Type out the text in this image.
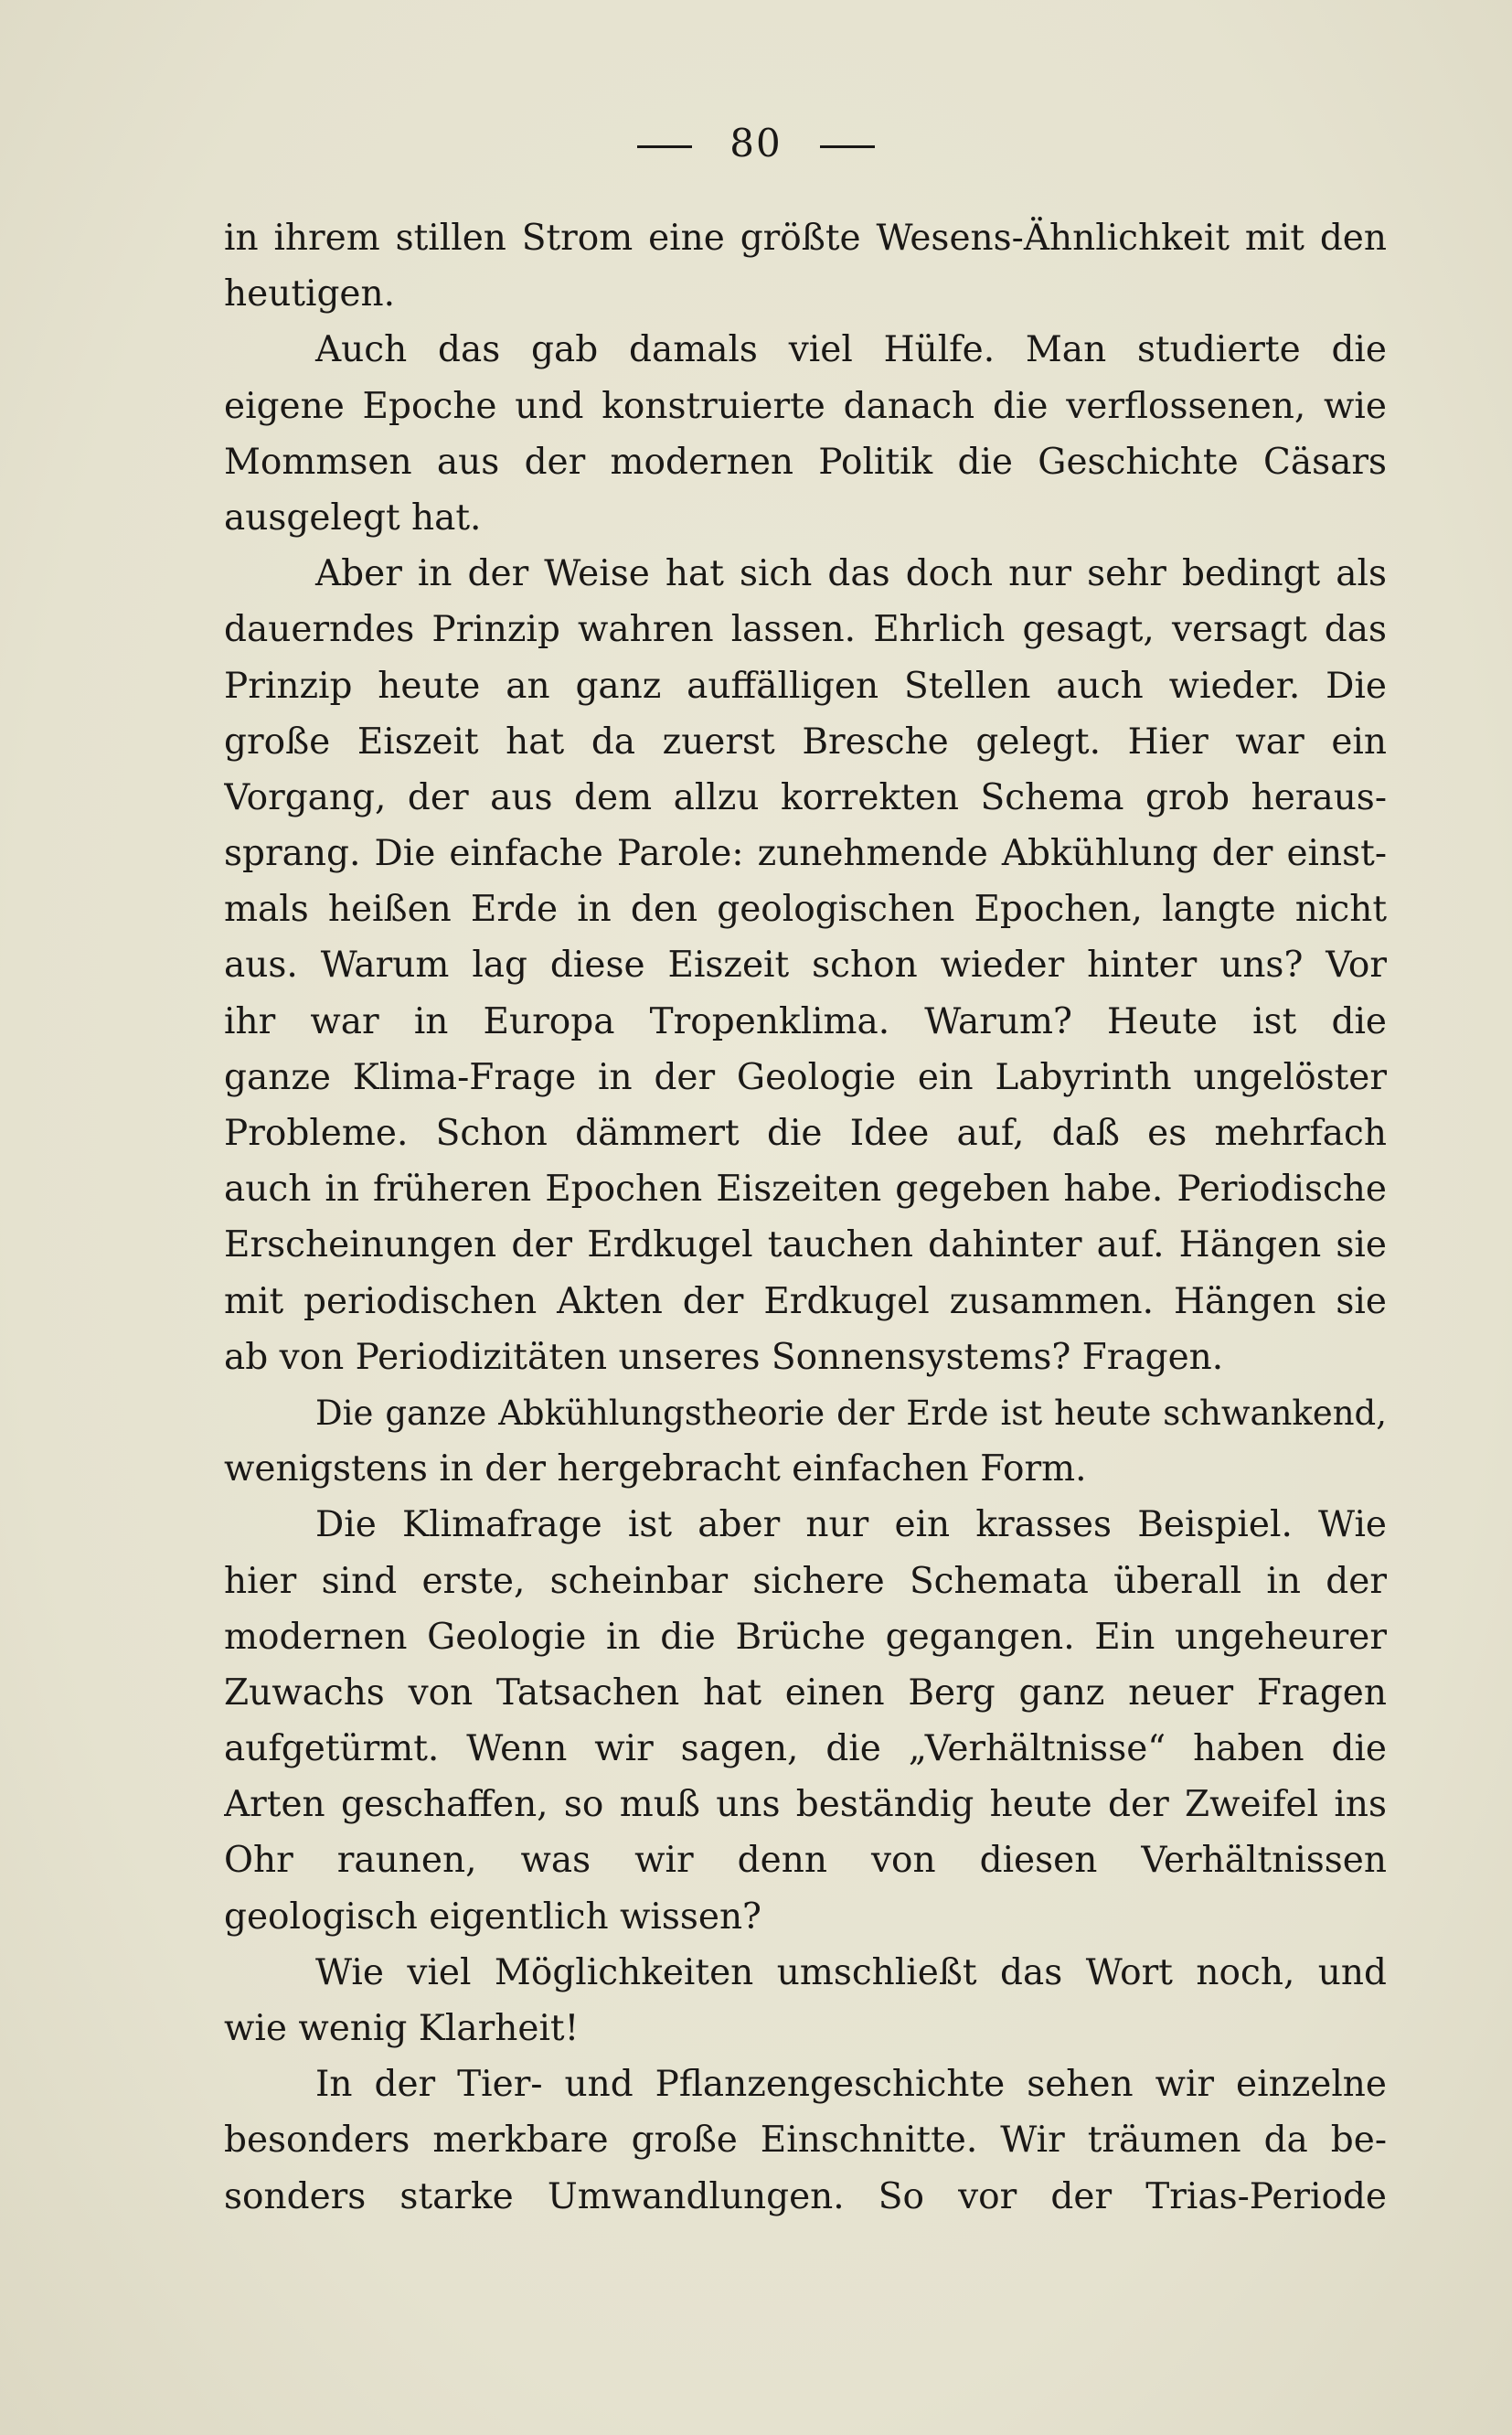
80
in ihrem stillen Strom eine größte Wesens-Ähnlichkeit mit den
heutigen.
Auch das gab damals viel Hülfe. Man studierte die
eigene Epoche und konstruierte danach die verflossenen, wie
Mommsen aus der modernen Politik die Geschichte Cäsars
ausgelegt hat.
Aber in der Weise hat sich das doch nur sehr bedingt als
dauerndes Prinzip wahren lassen. Ehrlich gesagt, versagt das
Prinzip heute an ganz auffälligen Stellen auch wieder. Die
große Eiszeit hat da zuerst Bresche gelegt. Hier war ein
Vorgang, der aus dem allzu korrekten Schema grob heraus-
sprang. Die einfache Parole: zunehmende Abkühlung der einst-
mals heißen Erde in den geologischen Epochen, langte nicht
aus. Warum lag diese Eiszeit schon wieder hinter uns? Vor
ihr war in Europa Tropenklima. Warum? Heute ist die
ganze Klima-Frage in der Geologie ein Labyrinth ungelöster
Probleme. Schon dämmert die Idee auf, daß es mehrfach
auch in früheren Epochen Eiszeiten gegeben habe. Periodische
Erscheinungen der Erdkugel tauchen dahinter auf. Hängen sie
mit periodischen Akten der Erdkugel zusammen. Hängen sie
ab von Periodizitäten unseres Sonnensystems? Fragen.
Die ganze Abkühlungstheorie der Erde ist heute schwankend,
wenigstens in der hergebracht einfachen Form.
Die Klimafrage ist aber nur ein krasses Beispiel. Wie
hier sind erste, scheinbar sichere Schemata überall in der
modernen Geologie in die Brüche gegangen. Ein ungeheurer
Zuwachs von Tatsachen hat einen Berg ganz neuer Fragen
aufgetürmt. Wenn wir sagen, die „Verhältnisse“ haben die
Arten geschaffen, so muß uns beständig heute der Zweifel ins
Ohr raunen, was wir denn von diesen Verhältnissen
geologisch eigentlich wissen?
Wie viel Möglichkeiten umschließt das Wort noch, und
wie wenig Klarheit!
In der Tier- und Pflanzengeschichte sehen wir einzelne
besonders merkbare große Einschnitte. Wir träumen da be-
sonders starke Umwandlungen. So vor der Trias-Periode
